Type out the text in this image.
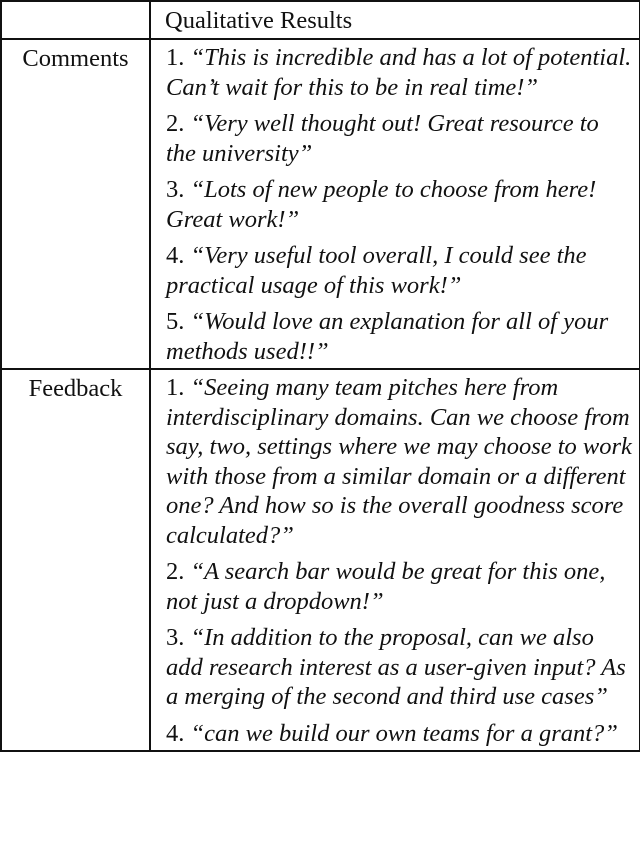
	Qualitative Results
Comments	1. “This is incredible and has a lot of potential. Can’t wait for this to be in real time!”
2. “Very well thought out! Great resource to the university”
3. “Lots of new people to choose from here! Great work!”
4. “Very useful tool overall, I could see the practical usage of this work!”
5. “Would love an explanation for all of your methods used!!”

Feedback	1. “Seeing many team pitches here from interdisciplinary domains. Can we choose from say, two, settings where we may choose to work with those from a similar domain or a different one? And how so is the overall goodness score calculated?”
2. “A search bar would be great for this one, not just a dropdown!”
3. “In addition to the proposal, can we also add research interest as a user-given input? As a merging of the second and third use cases”
4. “can we build our own teams for a grant?”
